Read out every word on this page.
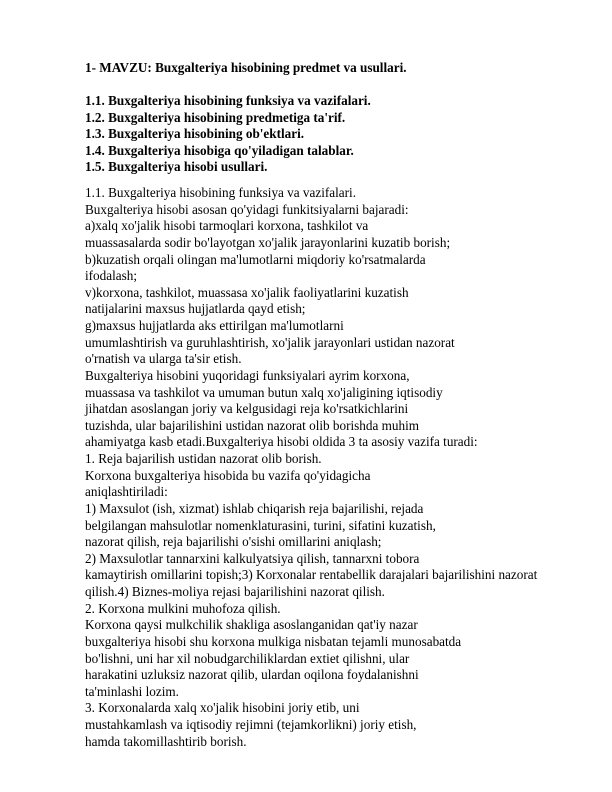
1- MAVZU: Buxgalteriya hisobining predmet va usullari.
1.1. Buxgalteriya hisobining funksiya va vazifalari.
1.2. Buxgalteriya hisobining predmetiga ta'rif.
1.3. Buxgalteriya hisobining ob'ektlari.
1.4. Buxgalteriya hisobiga qo'yiladigan talablar.
1.5. Buxgalteriya hisobi usullari.
1.1. Buxgalteriya hisobining funksiya va vazifalari.
Buxgalteriya hisobi asosan qo'yidagi funkitsiyalarni bajaradi:
a)xalq xo'jalik hisobi tarmoqlari korxona, tashkilot va
muassasalarda sodir bo'layotgan xo'jalik jarayonlarini kuzatib borish;
b)kuzatish orqali olingan ma'lumotlarni miqdoriy ko'rsatmalarda
ifodalash;
v)korxona, tashkilot, muassasa xo'jalik faoliyatlarini kuzatish
natijalarini maxsus hujjatlarda qayd etish;
g)maxsus hujjatlarda aks ettirilgan ma'lumotlarni
umumlashtirish va guruhlashtirish, xo'jalik jarayonlari ustidan nazorat
o'rnatish va ularga ta'sir etish.
Buxgalteriya hisobini yuqoridagi funksiyalari ayrim korxona,
muassasa va tashkilot va umuman butun xalq xo'jaligining iqtisodiy
jihatdan asoslangan joriy va kelgusidagi reja ko'rsatkichlarini
tuzishda, ular bajarilishini ustidan nazorat olib borishda muhim
ahamiyatga kasb etadi.Buxgalteriya hisobi oldida 3 ta asosiy vazifa turadi:
1. Reja bajarilish ustidan nazorat olib borish.
Korxona buxgalteriya hisobida bu vazifa qo'yidagicha
aniqlashtiriladi:
1) Maxsulot (ish, xizmat) ishlab chiqarish reja bajarilishi, rejada
belgilangan mahsulotlar nomenklaturasini, turini, sifatini kuzatish,
nazorat qilish, reja bajarilishi o'sishi omillarini aniqlash;
2) Maxsulotlar tannarxini kalkulyatsiya qilish, tannarxni tobora
kamaytirish omillarini topish;3) Korxonalar rentabellik darajalari bajarilishini nazorat
qilish.4) Biznes-moliya rejasi bajarilishini nazorat qilish.
2. Korxona mulkini muhofoza qilish.
Korxona qaysi mulkchilik shakliga asoslanganidan qat'iy nazar
buxgalteriya hisobi shu korxona mulkiga nisbatan tejamli munosabatda
bo'lishni, uni har xil nobudgarchiliklardan extiet qilishni, ular
harakatini uzluksiz nazorat qilib, ulardan oqilona foydalanishni
ta'minlashi lozim.
3. Korxonalarda xalq xo'jalik hisobini joriy etib, uni
mustahkamlash va iqtisodiy rejimni (tejamkorlikni) joriy etish,
hamda takomillashtirib borish.
